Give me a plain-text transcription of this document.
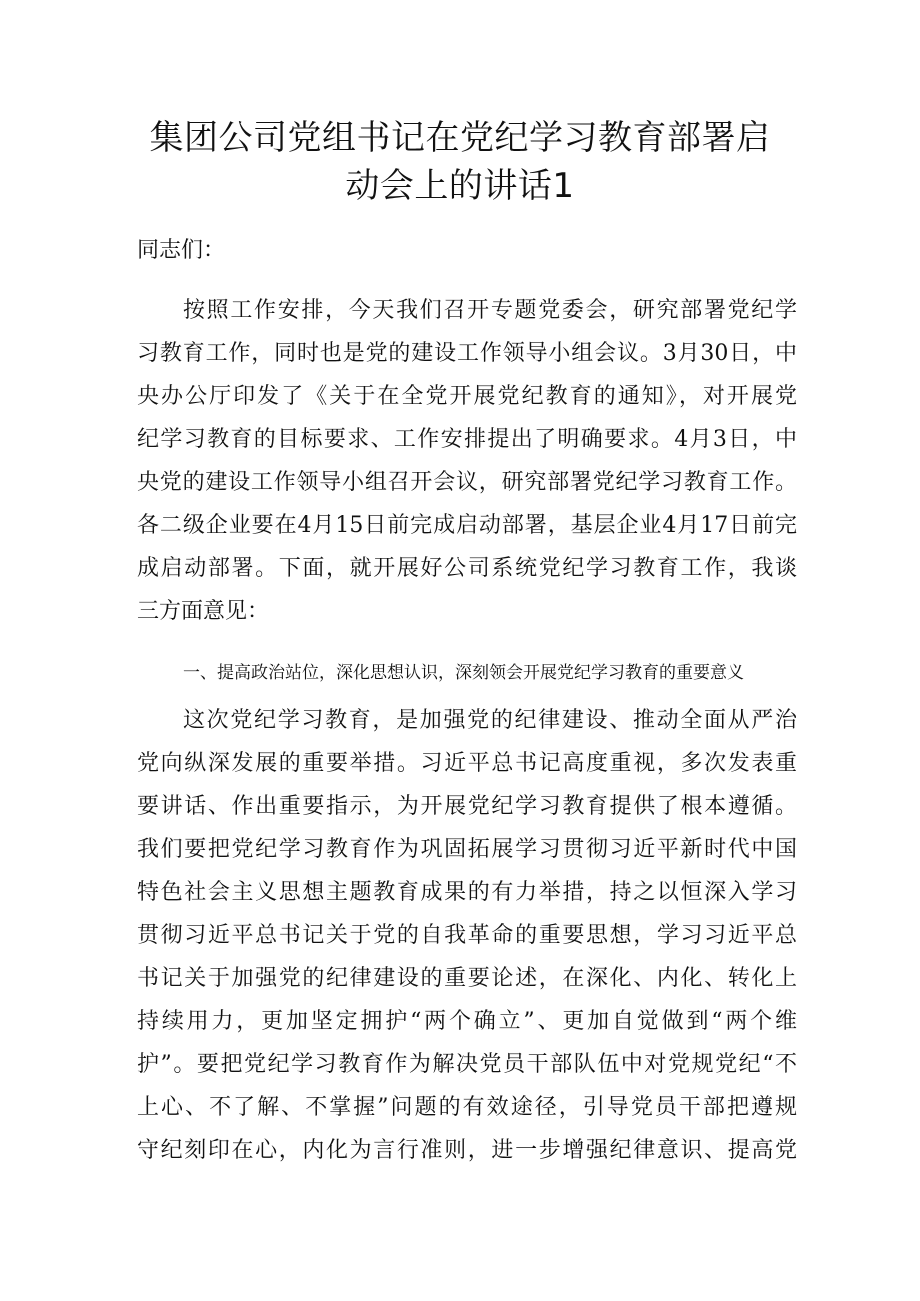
集团公司党组书记在党纪学习教育部署启
动会上的讲话1
同志们：
按照工作安排，今天我们召开专题党委会，研究部署党纪学
习教育工作，同时也是党的建设工作领导小组会议。3月30日，中
央办公厅印发了《关于在全党开展党纪教育的通知》，对开展党
纪学习教育的目标要求、工作安排提出了明确要求。4月3日，中
央党的建设工作领导小组召开会议，研究部署党纪学习教育工作。
各二级企业要在4月15日前完成启动部署，基层企业4月17日前完
成启动部署。下面，就开展好公司系统党纪学习教育工作，我谈
三方面意见：
一、提高政治站位，深化思想认识，深刻领会开展党纪学习教育的重要意义
这次党纪学习教育，是加强党的纪律建设、推动全面从严治
党向纵深发展的重要举措。习近平总书记高度重视，多次发表重
要讲话、作出重要指示，为开展党纪学习教育提供了根本遵循。
我们要把党纪学习教育作为巩固拓展学习贯彻习近平新时代中国
特色社会主义思想主题教育成果的有力举措，持之以恒深入学习
贯彻习近平总书记关于党的自我革命的重要思想，学习习近平总
书记关于加强党的纪律建设的重要论述，在深化、内化、转化上
持续用力，更加坚定拥护“两个确立”、更加自觉做到“两个维
护”。要把党纪学习教育作为解决党员干部队伍中对党规党纪“不
上心、不了解、不掌握”问题的有效途径，引导党员干部把遵规
守纪刻印在心，内化为言行准则，进一步增强纪律意识、提高党
